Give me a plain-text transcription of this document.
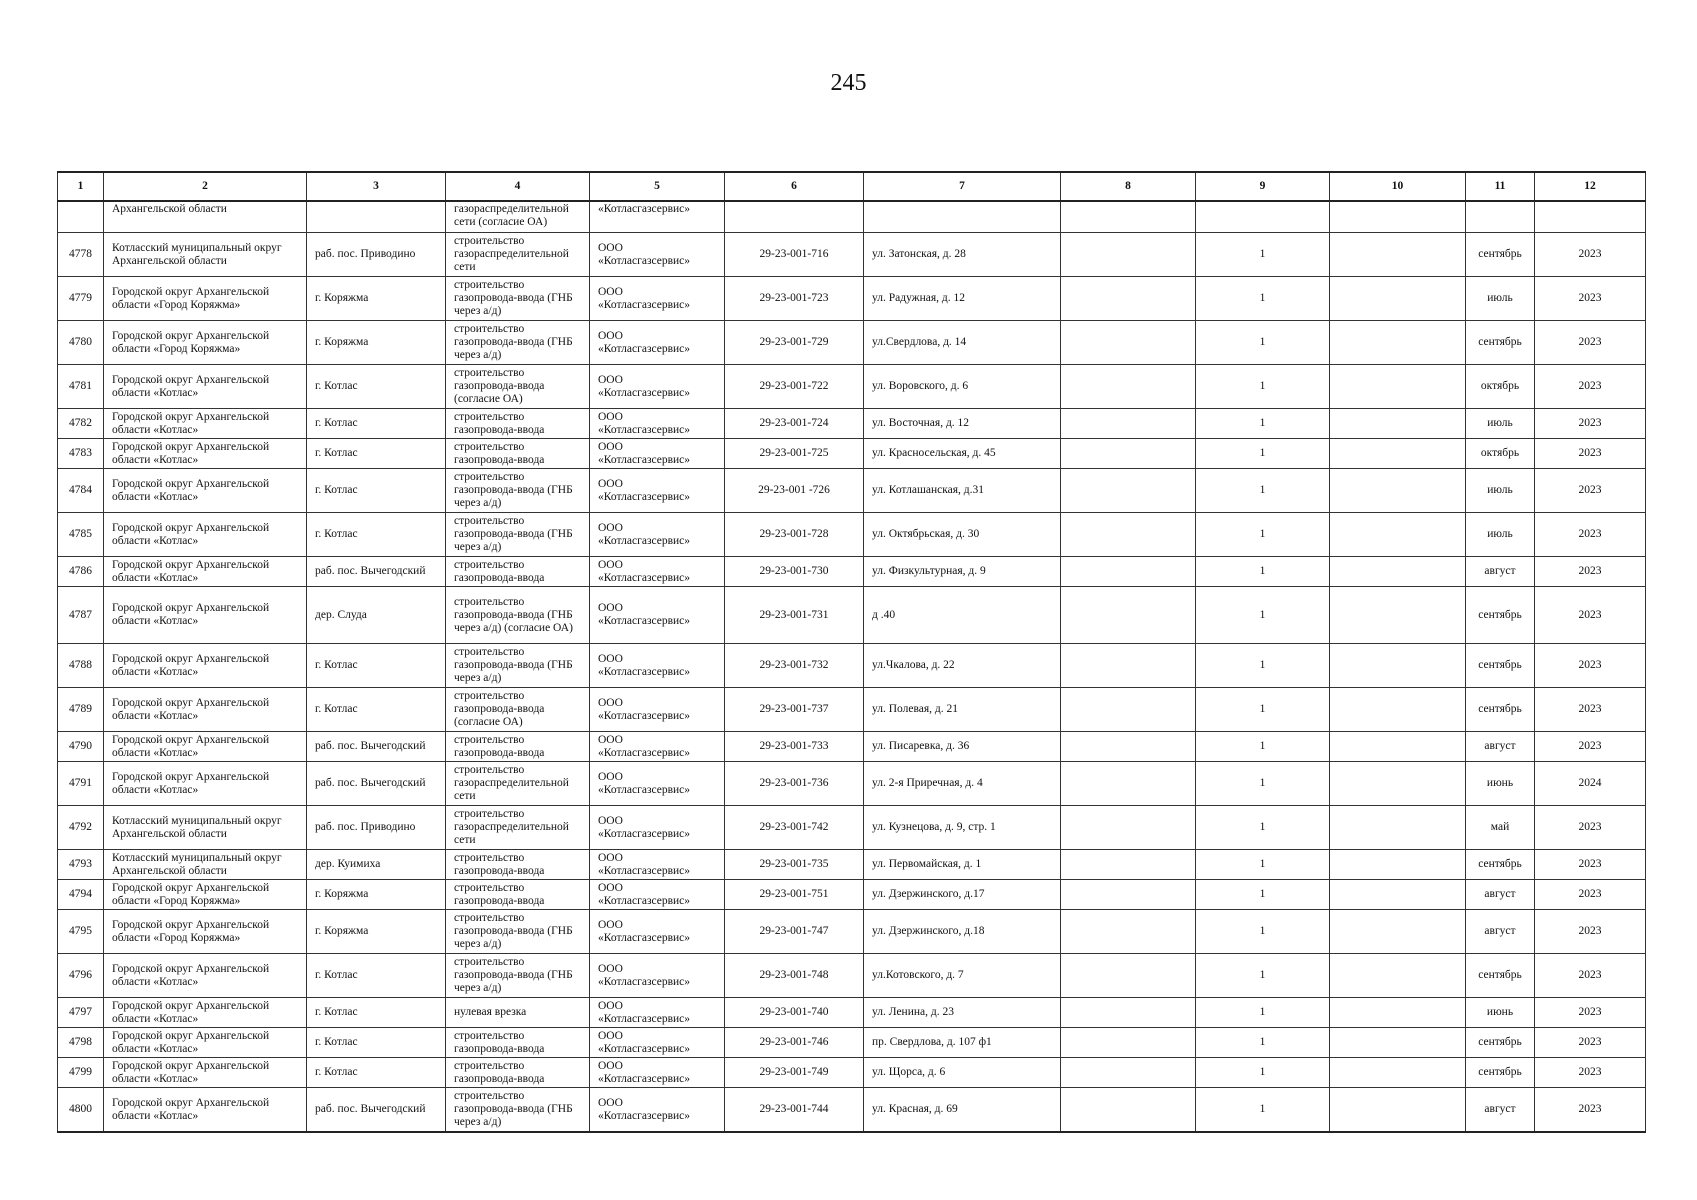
245
1	2	3	4	5	6	7	8	9	10	11	12
	Архангельской области		газораспределительной сети (согласие ОА)	«Котласгазсервис»							
4778	Котласский муниципальный округ Архангельской области	раб. пос. Приводино	строительство газораспределительной сети	ООО «Котласгазсервис»	29-23-001-716	ул. Затонская, д. 28		1		сентябрь	2023
4779	Городской округ Архангельской области «Город Коряжма»	г. Коряжма	строительство газопровода-ввода (ГНБ через а/д)	ООО «Котласгазсервис»	29-23-001-723	ул. Радужная, д. 12		1		июль	2023
4780	Городской округ Архангельской области «Город Коряжма»	г. Коряжма	строительство газопровода-ввода (ГНБ через а/д)	ООО «Котласгазсервис»	29-23-001-729	ул.Свердлова, д. 14		1		сентябрь	2023
4781	Городской округ Архангельской области «Котлас»	г. Котлас	строительство газопровода-ввода (согласие ОА)	ООО «Котласгазсервис»	29-23-001-722	ул. Воровского, д. 6		1		октябрь	2023
4782	Городской округ Архангельской области «Котлас»	г. Котлас	строительство газопровода-ввода	ООО «Котласгазсервис»	29-23-001-724	ул. Восточная, д. 12		1		июль	2023
4783	Городской округ Архангельской области «Котлас»	г. Котлас	строительство газопровода-ввода	ООО «Котласгазсервис»	29-23-001-725	ул. Красносельская, д. 45		1		октябрь	2023
4784	Городской округ Архангельской области «Котлас»	г. Котлас	строительство газопровода-ввода (ГНБ через а/д)	ООО «Котласгазсервис»	29-23-001 -726	ул. Котлашанская, д.31		1		июль	2023
4785	Городской округ Архангельской области «Котлас»	г. Котлас	строительство газопровода-ввода (ГНБ через а/д)	ООО «Котласгазсервис»	29-23-001-728	ул. Октябрьская, д. 30		1		июль	2023
4786	Городской округ Архангельской области «Котлас»	раб. пос. Вычегодский	строительство газопровода-ввода	ООО «Котласгазсервис»	29-23-001-730	ул. Физкультурная, д. 9		1		август	2023
4787	Городской округ Архангельской области «Котлас»	дер. Слуда	строительство газопровода-ввода (ГНБ через а/д) (согласие ОА)	ООО «Котласгазсервис»	29-23-001-731	д .40		1		сентябрь	2023
4788	Городской округ Архангельской области «Котлас»	г. Котлас	строительство газопровода-ввода (ГНБ через а/д)	ООО «Котласгазсервис»	29-23-001-732	ул.Чкалова, д. 22		1		сентябрь	2023
4789	Городской округ Архангельской области «Котлас»	г. Котлас	строительство газопровода-ввода (согласие ОА)	ООО «Котласгазсервис»	29-23-001-737	ул. Полевая, д. 21		1		сентябрь	2023
4790	Городской округ Архангельской области «Котлас»	раб. пос. Вычегодский	строительство газопровода-ввода	ООО «Котласгазсервис»	29-23-001-733	ул. Писаревка, д. 36		1		август	2023
4791	Городской округ Архангельской области «Котлас»	раб. пос. Вычегодский	строительство газораспределительной сети	ООО «Котласгазсервис»	29-23-001-736	ул. 2-я Приречная, д. 4		1		июнь	2024
4792	Котласский муниципальный округ Архангельской области	раб. пос. Приводино	строительство газораспределительной сети	ООО «Котласгазсервис»	29-23-001-742	ул. Кузнецова, д. 9, стр. 1		1		май	2023
4793	Котласский муниципальный округ Архангельской области	дер. Куимиха	строительство газопровода-ввода	ООО «Котласгазсервис»	29-23-001-735	ул. Первомайская, д. 1		1		сентябрь	2023
4794	Городской округ Архангельской области «Город Коряжма»	г. Коряжма	строительство газопровода-ввода	ООО «Котласгазсервис»	29-23-001-751	ул. Дзержинского, д.17		1		август	2023
4795	Городской округ Архангельской области «Город Коряжма»	г. Коряжма	строительство газопровода-ввода (ГНБ через а/д)	ООО «Котласгазсервис»	29-23-001-747	ул. Дзержинского, д.18		1		август	2023
4796	Городской округ Архангельской области «Котлас»	г. Котлас	строительство газопровода-ввода (ГНБ через а/д)	ООО «Котласгазсервис»	29-23-001-748	ул.Котовского, д. 7		1		сентябрь	2023
4797	Городской округ Архангельской области «Котлас»	г. Котлас	нулевая врезка	ООО «Котласгазсервис»	29-23-001-740	ул. Ленина, д. 23		1		июнь	2023
4798	Городской округ Архангельской области «Котлас»	г. Котлас	строительство газопровода-ввода	ООО «Котласгазсервис»	29-23-001-746	пр. Свердлова, д. 107 ф1		1		сентябрь	2023
4799	Городской округ Архангельской области «Котлас»	г. Котлас	строительство газопровода-ввода	ООО «Котласгазсервис»	29-23-001-749	ул. Щорса, д. 6		1		сентябрь	2023
4800	Городской округ Архангельской области «Котлас»	раб. пос. Вычегодский	строительство газопровода-ввода (ГНБ через а/д)	ООО «Котласгазсервис»	29-23-001-744	ул. Красная, д. 69		1		август	2023
